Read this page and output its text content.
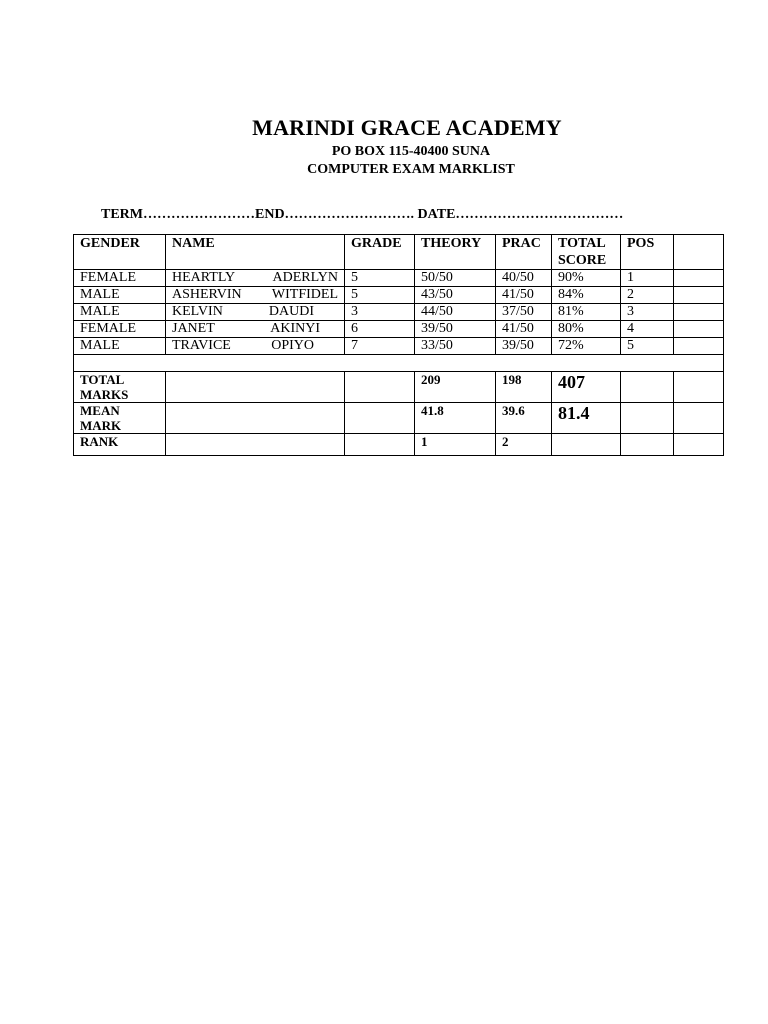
MARINDI GRACE ACADEMY
PO BOX 115-40400 SUNA
COMPUTER EXAM MARKLIST
TERM……………………END………………………. DATE………………………………
GENDER	NAME	GRADE	THEORY	PRAC	TOTAL SCORE	POS	
FEMALE	HEARTLY ADERLYN	5	50/50	40/50	90%	1	
MALE	ASHERVIN WITFIDEL	5	43/50	41/50	84%	2	
MALE	KELVIN DAUDI	3	44/50	37/50	81%	3	
FEMALE	JANET AKINYI	6	39/50	41/50	80%	4	
MALE	TRAVICE OPIYO	7	33/50	39/50	72%	5	

TOTAL MARKS			209	198	407		
MEAN MARK			41.8	39.6	81.4		
RANK			1	2			
